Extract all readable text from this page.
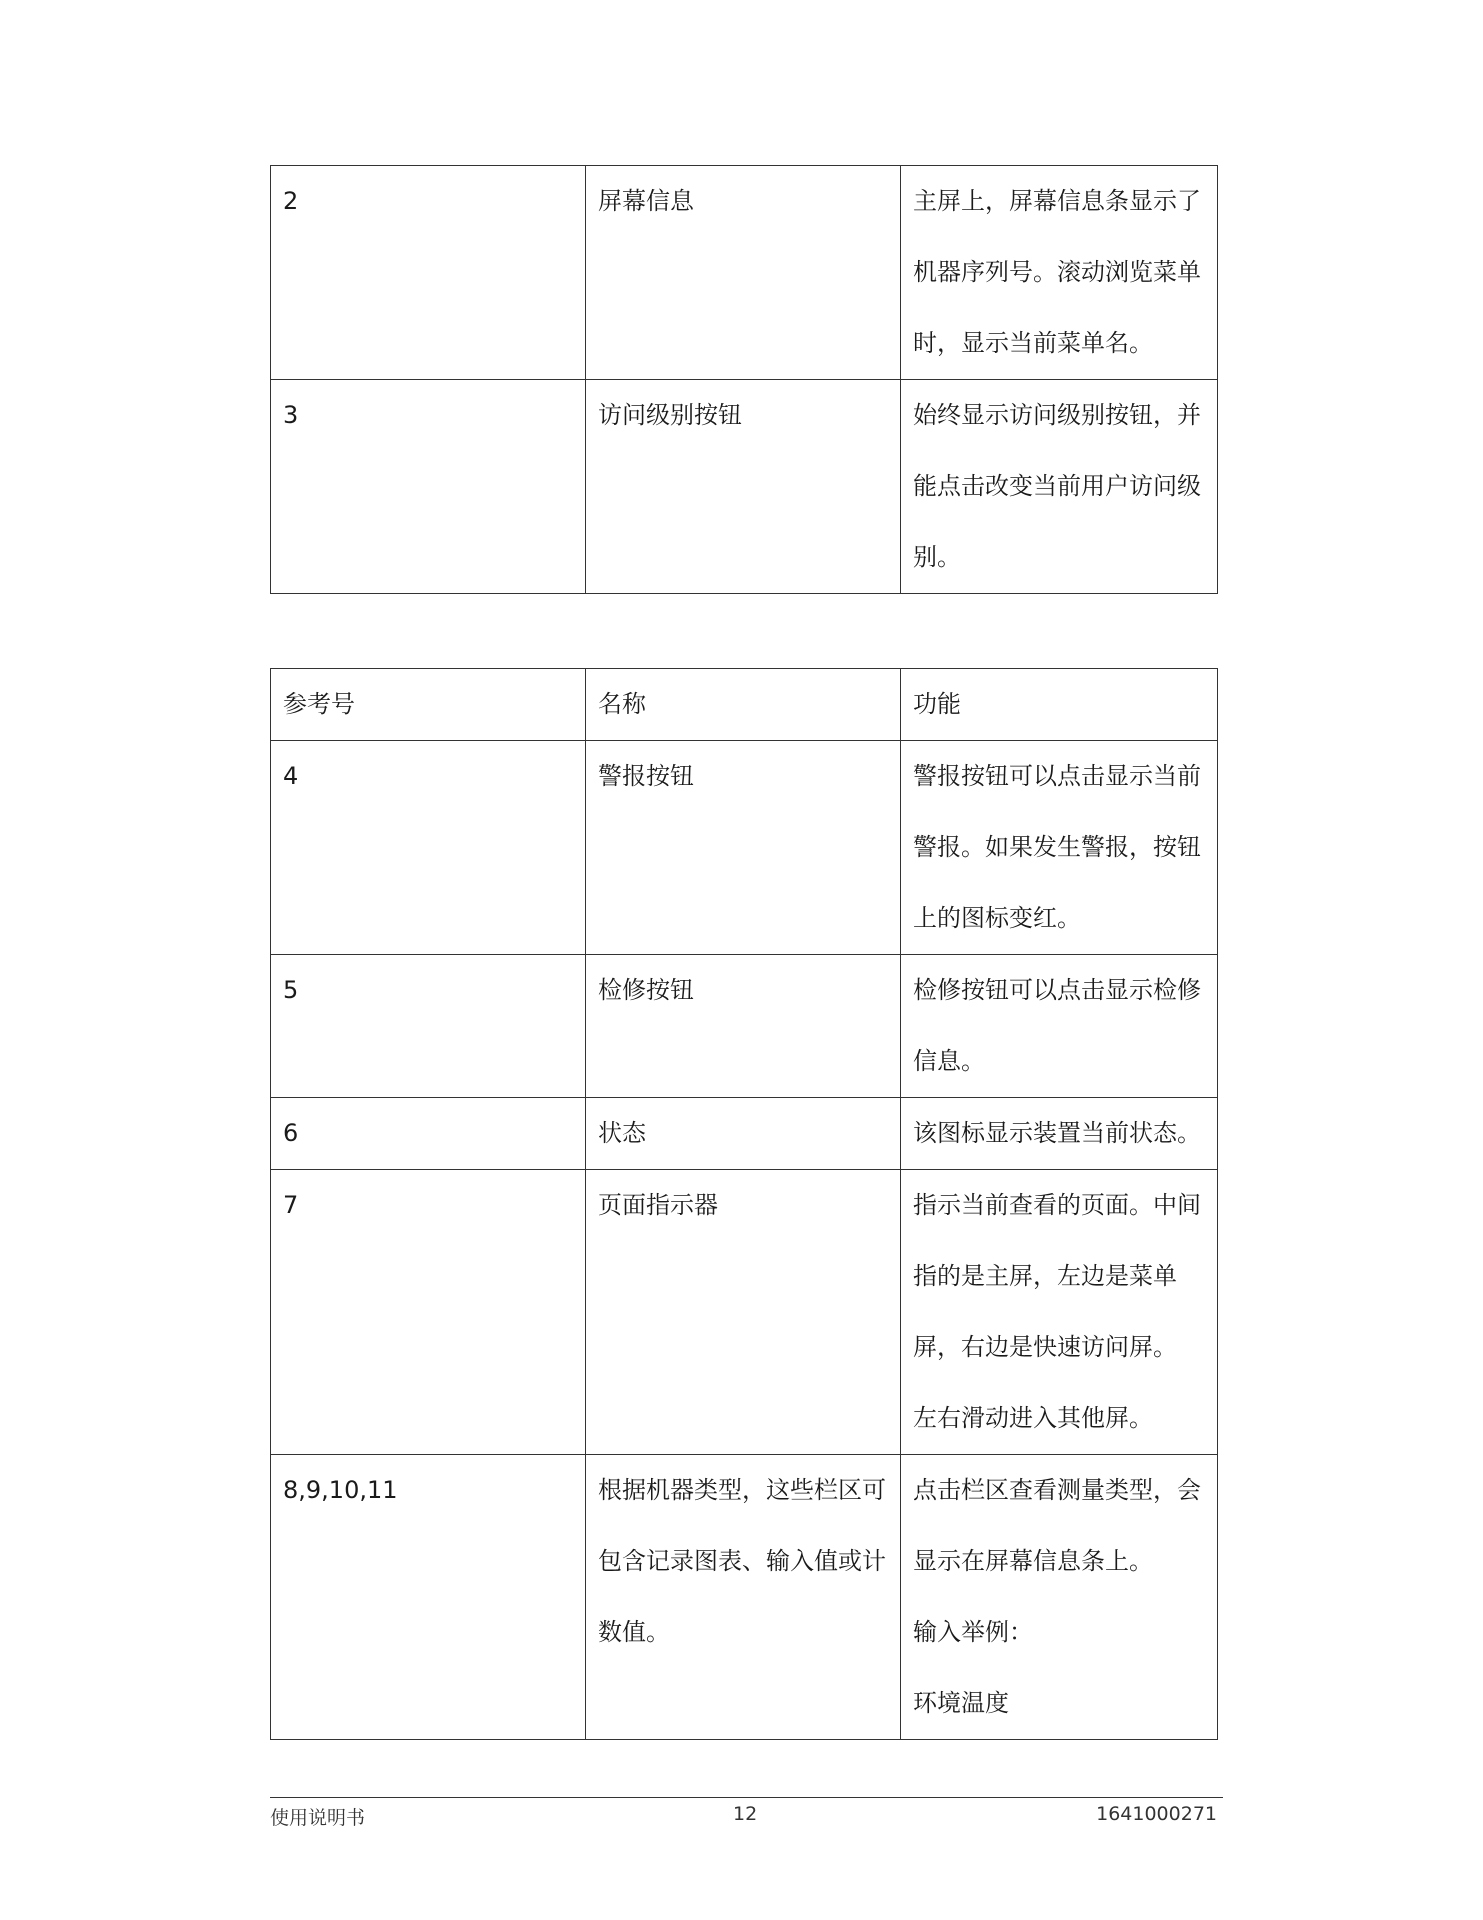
2	屏幕信息	主屏上，屏幕信息条显示了机器序列号。滚动浏览菜单时，显示当前菜单名。

3	访问级别按钮	始终显示访问级别按钮，并能点击改变当前用户访问级别。
参考号	名称	功能
4	警报按钮	警报按钮可以点击显示当前警报。如果发生警报，按钮上的图标变红。

5	检修按钮	检修按钮可以点击显示检修信息。

6	状态	该图标显示装置当前状态。

7	页面指示器	指示当前查看的页面。中间指的是主屏，左边是菜单屏，右边是快速访问屏。
左右滑动进入其他屏。

8,9,10,11	根据机器类型，这些栏区可包含记录图表、输入值或计数值。	点击栏区查看测量类型，会显示在屏幕信息条上。
输入举例：
环境温度
使用说明书	12	1641000271
